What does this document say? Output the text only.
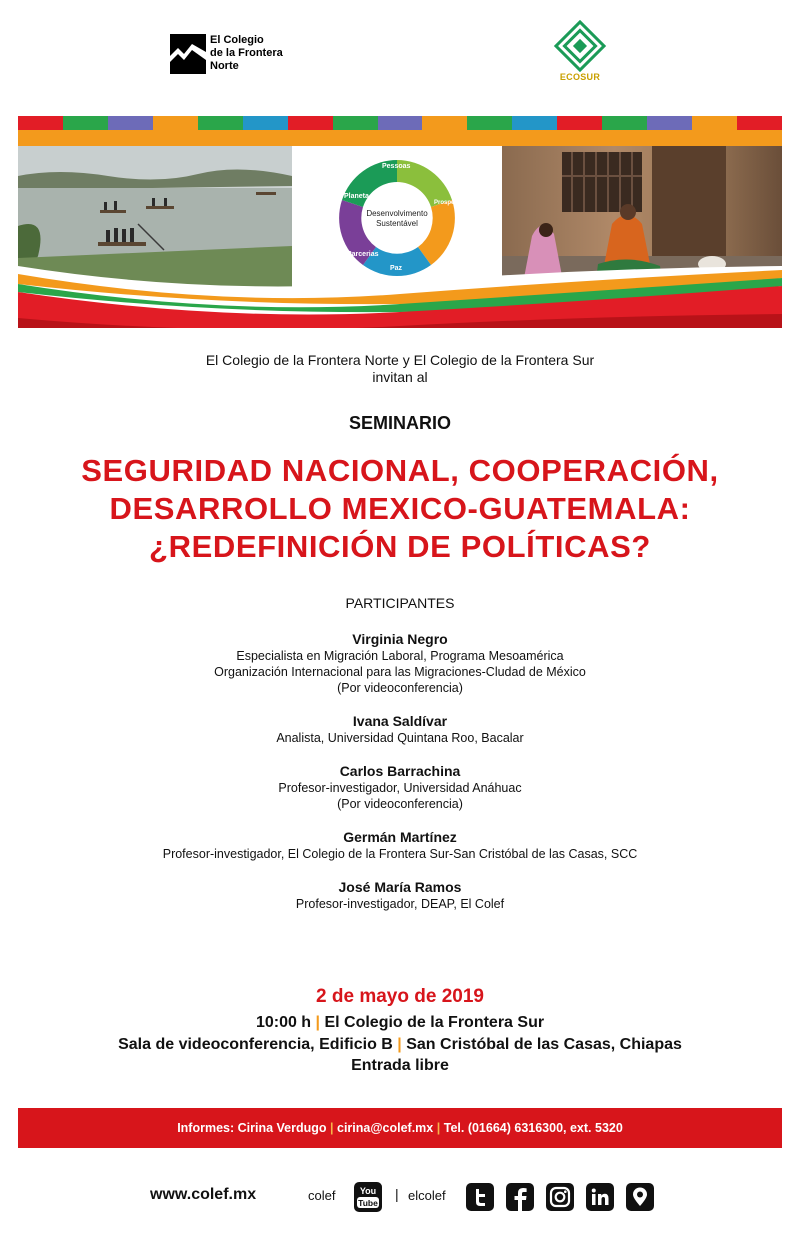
El Colegio
de la Frontera
Norte
ECOSUR
Desenvolvimento
Sustentável
Pessoas
Prosperidade
Paz
Parcerias
Planeta
El Colegio de la Frontera Norte y El Colegio de la Frontera Sur
invitan al
SEMINARIO
SEGURIDAD NACIONAL, COOPERACIÓN,
DESARROLLO MEXICO-GUATEMALA:
¿REDEFINICIÓN DE POLÍTICAS?
PARTICIPANTES
Virginia Negro
Especialista en Migración Laboral, Programa Mesoamérica
Organización Internacional para las Migraciones-Cludad de México
(Por videoconferencia)
Ivana Saldívar
Analista, Universidad Quintana Roo, Bacalar
Carlos Barrachina
Profesor-investigador, Universidad Anáhuac
(Por videoconferencia)
Germán Martínez
Profesor-investigador, El Colegio de la Frontera Sur-San Cristóbal de las Casas, SCC
José María Ramos
Profesor-investigador, DEAP, El Colef
2 de mayo de 2019
10:00 h | El Colegio de la Frontera Sur
Sala de videoconferencia, Edificio B | San Cristóbal de las Casas, Chiapas
Entrada libre
Informes: Cirina Verdugo | cirina@colef.mx | Tel. (01664) 6316300, ext. 5320
www.colef.mx	colef	You
Tube
| elcolef
